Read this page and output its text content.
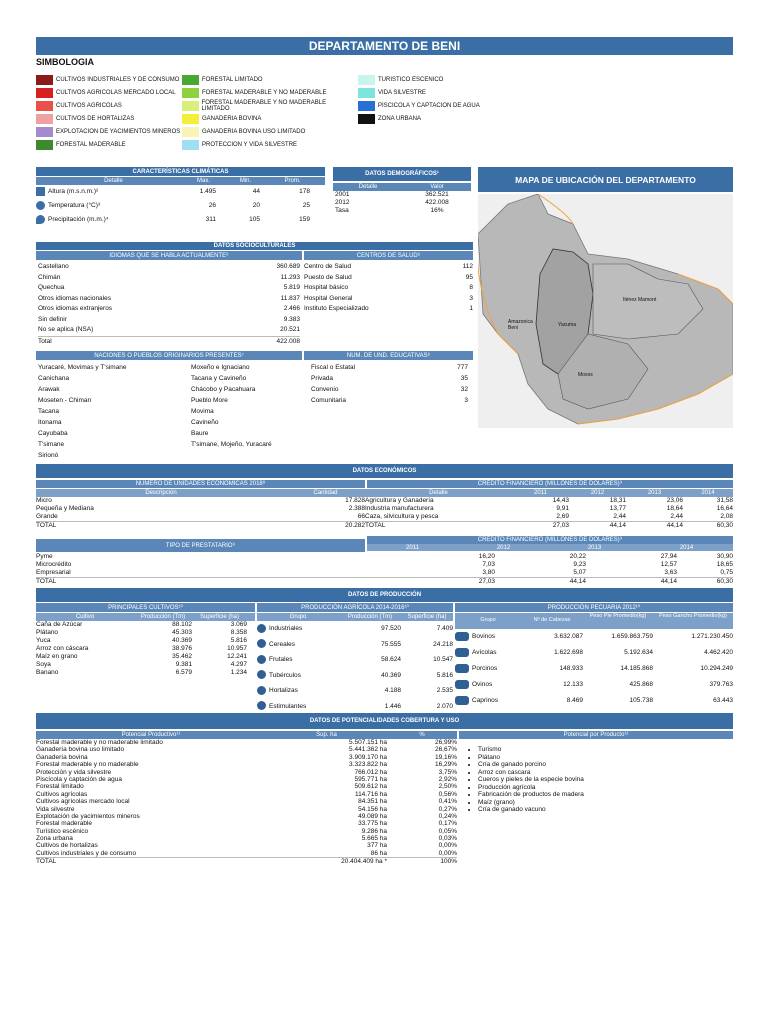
DEPARTAMENTO DE BENI
SIMBOLOGIA
CULTIVOS INDUSTRIALES Y DE CONSUMO
CULTIVOS AGRICOLAS MERCADO LOCAL
CULTIVOS AGRICOLAS
CULTIVOS DE HORTALIZAS
EXPLOTACION DE YACIMIENTOS MINEROS
FORESTAL MADERABLE
FORESTAL LIMITADO
FORESTAL MADERABLE Y NO MADERABLE
FORESTAL MADERABLE Y NO MADERABLE LIMITADO
GANADERIA BOVINA
GANADERIA BOVINA USO LIMITADO
PROTECCION Y VIDA SILVESTRE
TURISTICO ESCENICO
VIDA SILVESTRE
PISCICOLA Y CAPTACION DE AGUA
ZONA URBANA
CARACTERÍSTICAS CLIMÁTICAS
Detalle	Max.	Min.	Prom.
Altura (m.s.n.m.)²	1.495	44	178
Temperatura (°C)³	26	20	25
Precipitación (m.m.)⁴	311	105	159
DATOS DEMOGRÁFICOS¹
Detalle	Valor
2001	362.521
2012	422.008
Tasa	16%
MAPA DE UBICACIÓN DEL DEPARTAMENTO
Iténez Mamoré
Amazonica Beni	Yacuma
Moxos
DATOS SOCIOCULTURALES
IDIOMAS QUE SE HABLA ACTUALMENTE⁶
Castellano	360.689
Chimán	11.293
Quechua	5.819
Otros idiomas nacionales	11.837
Otros idiomas extranjeros	2.466
Sin definir	9.383
No se aplica (NSA)	20.521
Total	422.008
CENTROS DE SALUD⁶
Centro de Salud	112
Puesto de Salud	95
Hospital básico	8
Hospital General	3
Instituto Especializado	1
NACIONES O PUEBLOS ORIGINARIOS PRESENTES⁷
Yuracaré, Movimas y T'simane	Moxeño e Ignaciano
Canichana	Tacana y Cavineño
Arawak	Chácobo y Pacahuara
Moseten - Chiman	Pueblo More
Tacana	Movima
Itonama	Cavineño
Cayubaba	Baure
T'simane	T'simane, Mojeño, Yuracaré
Sirionó
NUM. DE UND. EDUCATIVAS⁶
Fiscal o Estatal	777
Privada	35
Convenio	32
Comunitaria	3
DATOS ECONÓMICOS
NÚMERO DE UNIDADES ECONÓMICAS 2018⁸	CRÉDITO FINANCIERO (MILLONES DE DÓLARES)⁹
Descripción	Cantidad	Detalle	2011	2012	2013	2014
Micro	17.828 Agricultura y Ganadería	14,43	18,31	23,06	31,58
Pequeña y Mediana	2.388 Industria manufacturera	9,91	13,77	18,64	16,64
Grande	66 Caza, silvicultura y pesca	2,69	2,44	2,44	2,08
TOTAL	20.282 TOTAL	27,03	44,14	44,14	60,30
TIPO DE PRESTATARIO⁹
CRÉDITO FINANCIERO (MILLONES DE DÓLARES)⁹
2011	2012	2013	2014
Pyme	16,20	20,22	27,94	30,90
Microcrédito	7,03	9,23	12,57	18,65
Empresarial	3,80	5,07	3,63	0,75
TOTAL	27,03	44,14	44,14	60,30
DATOS DE PRODUCCIÓN
PRINCIPALES CULTIVOS¹⁰	PRODUCCIÓN AGRÍCOLA 2014-2016¹⁰	PRODUCCIÓN PECUARIA 2012¹⁰
Cultivo	Producción (Tm)	Superficie (ha)
Caña de Azúcar	88.102	3.069
Plátano	45.303	8.358
Yuca	40.369	5.816
Arroz con cáscara	38.976	10.957
Maíz en grano	35.462	12.241
Soya	9.381	4.297
Banano	6.579	1.234
Grupo	Producción (Tm)	Superficie (ha)
Industriales	97.520	7.409
Cereales	75.555	24.218
Frutales	58.624	10.547
Tubérculos	40.369	5.816
Hortalizas	4.188	2.535
Estimulantes	1.446	2.070
Grupo	Nº de Cabezas
Peso Pie Promedio(kg)	Peso Gancho Promedio(kg)
Bovinos	3.632.087	1.659.863.759	1.271.230.450
Avícolas	1.622.698	5.192.634	4.462.420
Porcinos	148.933	14.185.868	10.294.249
Ovinos	12.133	425.868	379.763
Caprinos	8.469	105.738	63.443
DATOS DE POTENCIALIDADES COBERTURA Y USO
Potencial Productivo¹¹	Sup. ha	%
Forestal maderable y no maderable limitado	5.507.151 ha	26,99%
Ganadería bovina uso limitado	5.441.362 ha	26,67%
Ganadería bovina	3.909.170 ha	19,16%
Forestal maderable y no maderable	3.323.822 ha	16,29%
Protección y vida silvestre	766.012 ha	3,75%
Piscícola y captación de agua	595.771 ha	2,92%
Forestal limitado	509.612 ha	2,50%
Cultivos agrícolas	114.716 ha	0,56%
Cultivos agrícolas mercado local	84.351 ha	0,41%
Vida silvestre	54.156 ha	0,27%
Explotación de yacimientos mineros	49.089 ha	0,24%
Forestal maderable	33.775 ha	0,17%
Turístico escénico	9.286 ha	0,05%
Zona urbana	5.665 ha	0,03%
Cultivos de hortalizas	377 ha	0,00%
Cultivos industriales y de consumo	86 ha	0,00%
TOTAL	20.404.409 ha *	100%
Potencial por Producto¹²
• Turismo
• Plátano
• Cría de ganado porcino
• Arroz con cascara
• Cueros y pieles de la especie bovina
• Producción agrícola
• Fabricación de productos de madera
• Maíz (grano)
• Cría de ganado vacuno
